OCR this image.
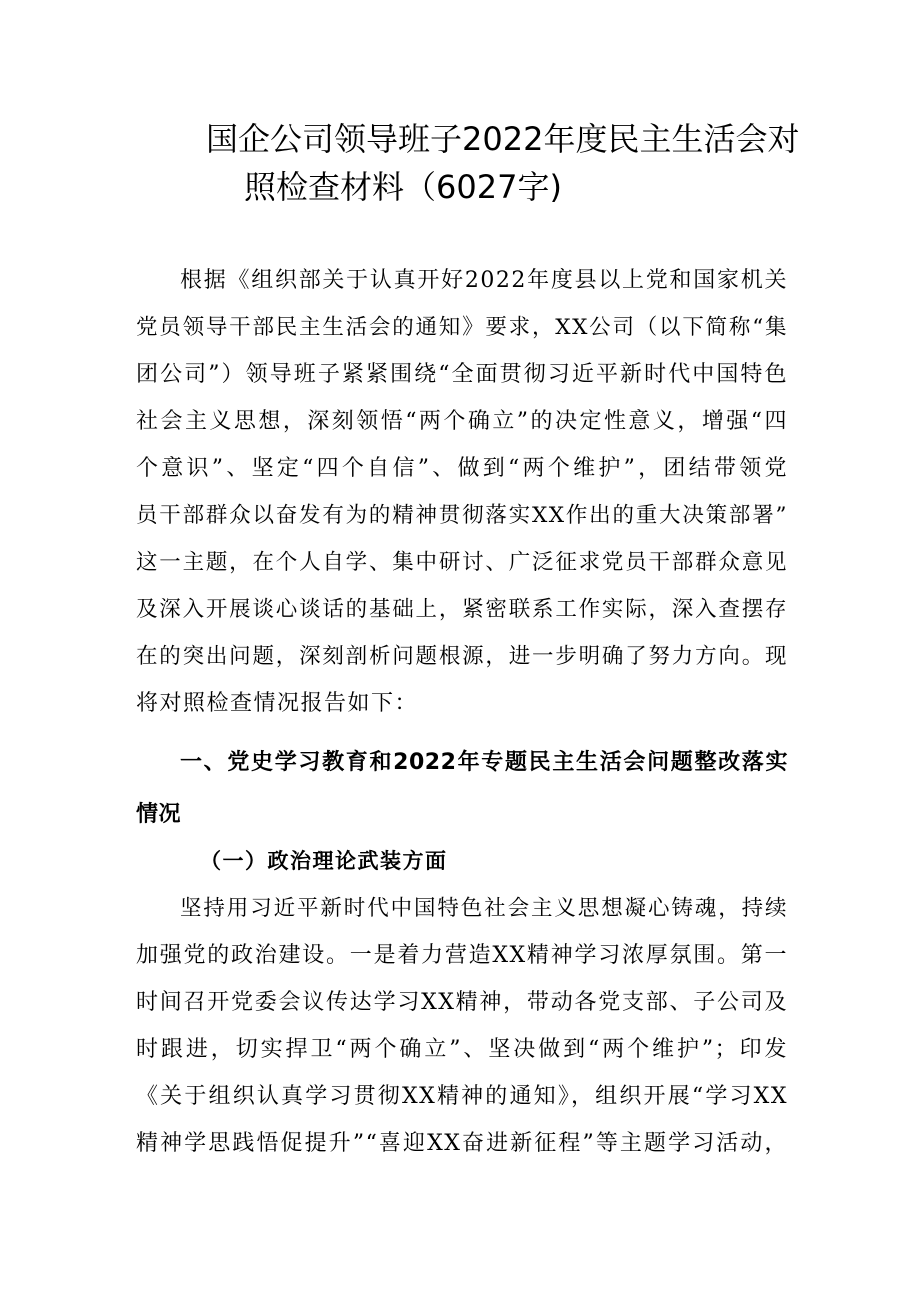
国企公司领导班子2022年度民主生活会对
照检查材料（6027字)

根据《组织部关于认真开好2022年度县以上党和国家机关

党员领导干部民主生活会的通知》要求，XX公司（以下简称“集

团公司”）领导班子紧紧围绕“全面贯彻习近平新时代中国特色

社会主义思想，深刻领悟“两个确立”的决定性意义，增强“四

个意识”、坚定“四个自信”、做到“两个维护”，团结带领党

员干部群众以奋发有为的精神贯彻落实XX作出的重大决策部署”

这一主题，在个人自学、集中研讨、广泛征求党员干部群众意见

及深入开展谈心谈话的基础上，紧密联系工作实际，深入查摆存

在的突出问题，深刻剖析问题根源，进一步明确了努力方向。现

将对照检查情况报告如下：

一、党史学习教育和2022年专题民主生活会问题整改落实
情况
（一）政治理论武装方面

坚持用习近平新时代中国特色社会主义思想凝心铸魂，持续

加强党的政治建设。一是着力营造XX精神学习浓厚氛围。第一

时间召开党委会议传达学习XX精神，带动各党支部、子公司及

时跟进，切实捍卫“两个确立”、坚决做到“两个维护”；印发

《关于组织认真学习贯彻XX精神的通知》，组织开展“学习XX

精神学思践悟促提升”“喜迎XX奋进新征程”等主题学习活动，
